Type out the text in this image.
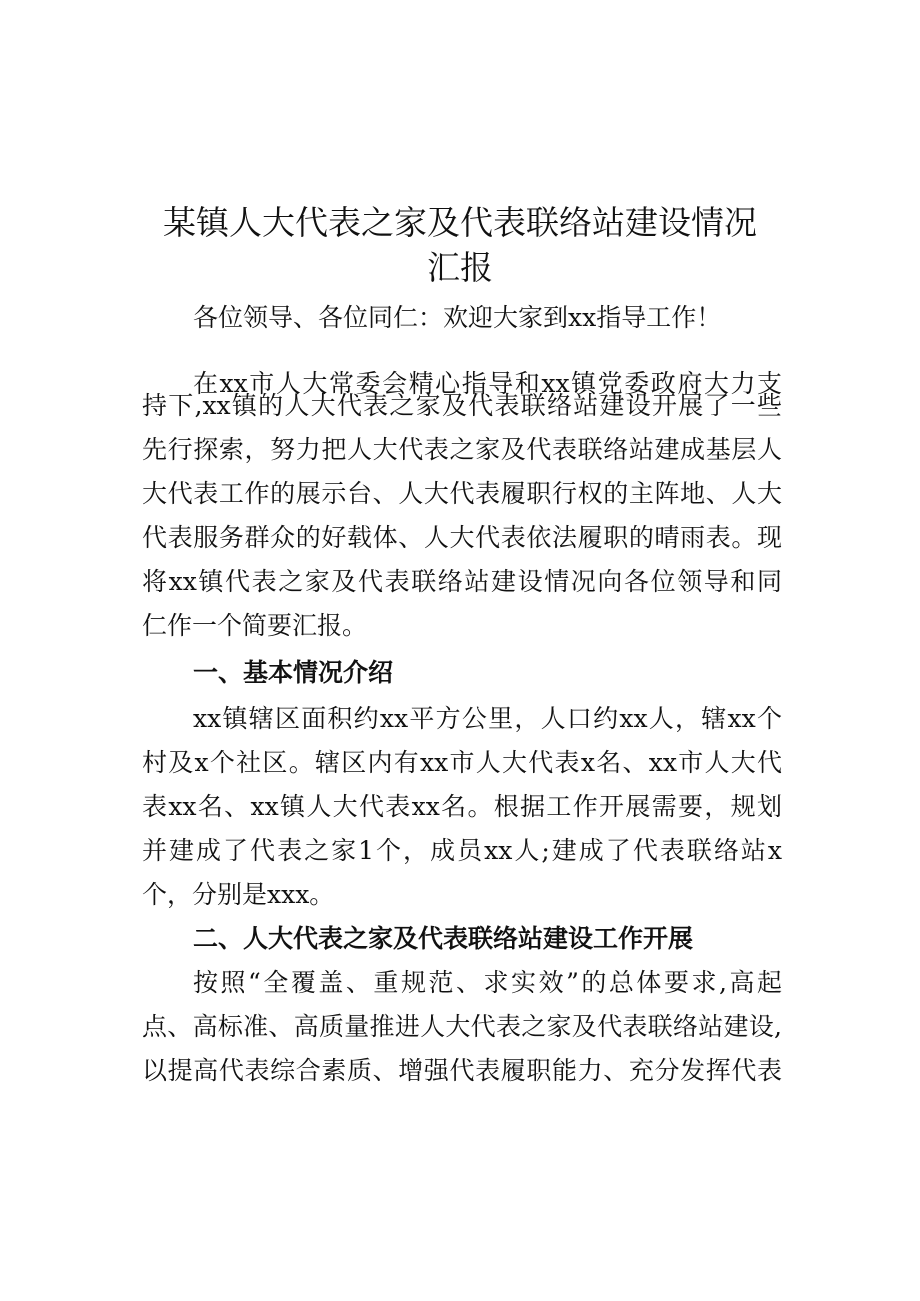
某镇人大代表之家及代表联络站建设情况
汇报

各位领导、各位同仁：欢迎大家到xx指导工作！

在xx市人大常委会精心指导和xx镇党委政府大力支

持下,xx镇的人大代表之家及代表联络站建设开展了一些

先行探索，努力把人大代表之家及代表联络站建成基层人

大代表工作的展示台、人大代表履职行权的主阵地、人大

代表服务群众的好载体、人大代表依法履职的晴雨表。现

将xx镇代表之家及代表联络站建设情况向各位领导和同

仁作一个简要汇报。

一、基本情况介绍

xx镇辖区面积约xx平方公里，人口约xx人，辖xx个

村及x个社区。辖区内有xx市人大代表x名、xx市人大代

表xx名、xx镇人大代表xx名。根据工作开展需要，规划

并建成了代表之家1个，成员xx人;建成了代表联络站x

个，分别是xxx。

二、人大代表之家及代表联络站建设工作开展

按照“全覆盖、重规范、求实效”的总体要求,高起

点、高标准、高质量推进人大代表之家及代表联络站建设,

以提高代表综合素质、增强代表履职能力、充分发挥代表
